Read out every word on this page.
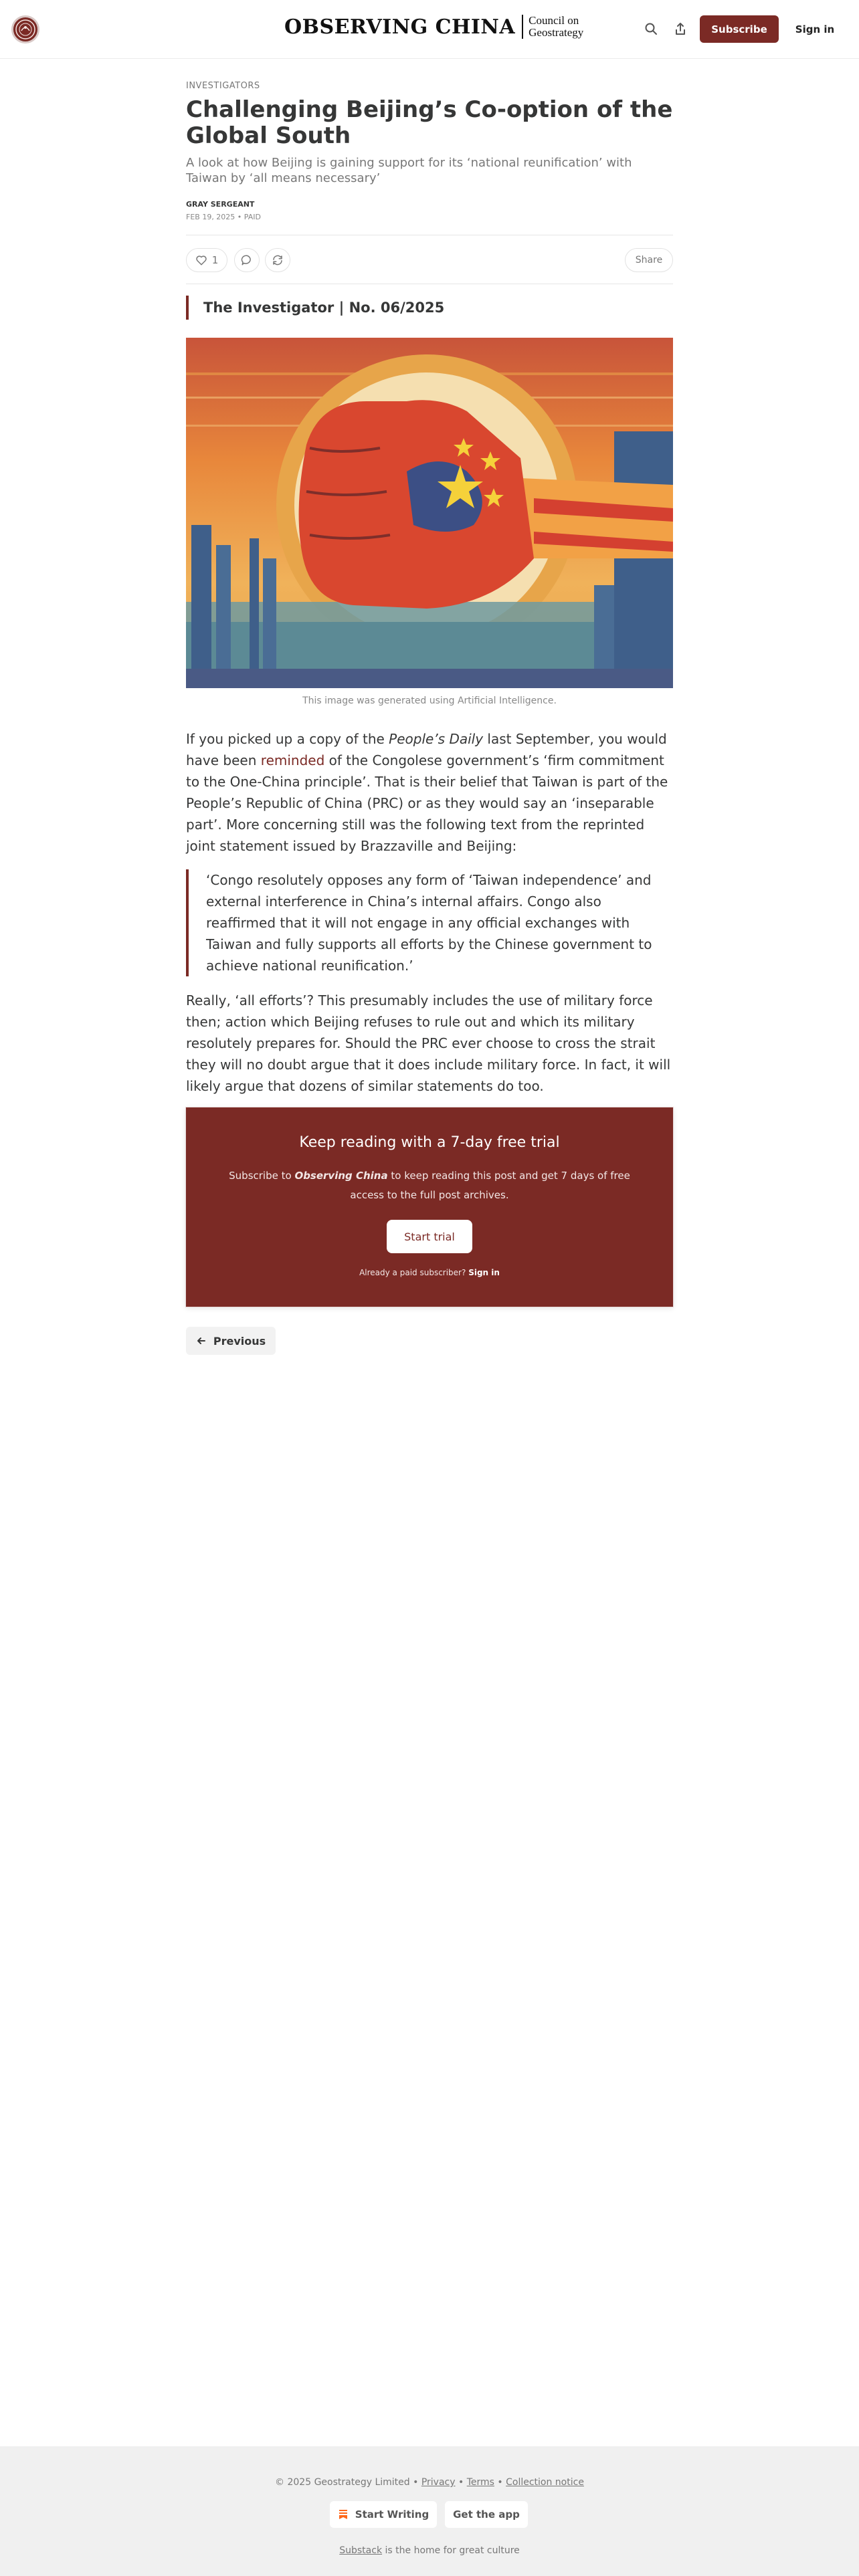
OBSERVING CHINA Council on
Geostrategy	Subscribe	Sign in
INVESTIGATORS
Challenging Beijing’s Co-option of the Global South
A look at how Beijing is gaining support for its ‘national reunification’ with Taiwan by ‘all means necessary’
GRAY SERGEANT
FEB 19, 2025 • PAID
1	Share
The Investigator | No. 06/2025
This image was generated using Artificial Intelligence.
If you picked up a copy of the People’s Daily last September, you would have been reminded of the Congolese government’s ‘firm commitment to the One-China principle’. That is their belief that Taiwan is part of the People’s Republic of China (PRC) or as they would say an ‘inseparable part’. More concerning still was the following text from the reprinted joint statement issued by Brazzaville and Beijing:
‘Congo resolutely opposes any form of ‘Taiwan independence’ and external interference in China’s internal affairs. Congo also reaffirmed that it will not engage in any official exchanges with Taiwan and fully supports all efforts by the Chinese government to achieve national reunification.’
Really, ‘all efforts’? This presumably includes the use of military force then; action which Beijing refuses to rule out and which its military resolutely prepares for. Should the PRC ever choose to cross the strait they will no doubt argue that it does include military force. In fact, it will likely argue that dozens of similar statements do too.
Keep reading with a 7-day free trial
Subscribe to Observing China to keep reading this post and get 7 days of free access to the full post archives.
Start trial
Already a paid subscriber? Sign in
Previous
© 2025 Geostrategy Limited • Privacy • Terms • Collection notice
Start Writing	Get the app
Substack is the home for great culture
